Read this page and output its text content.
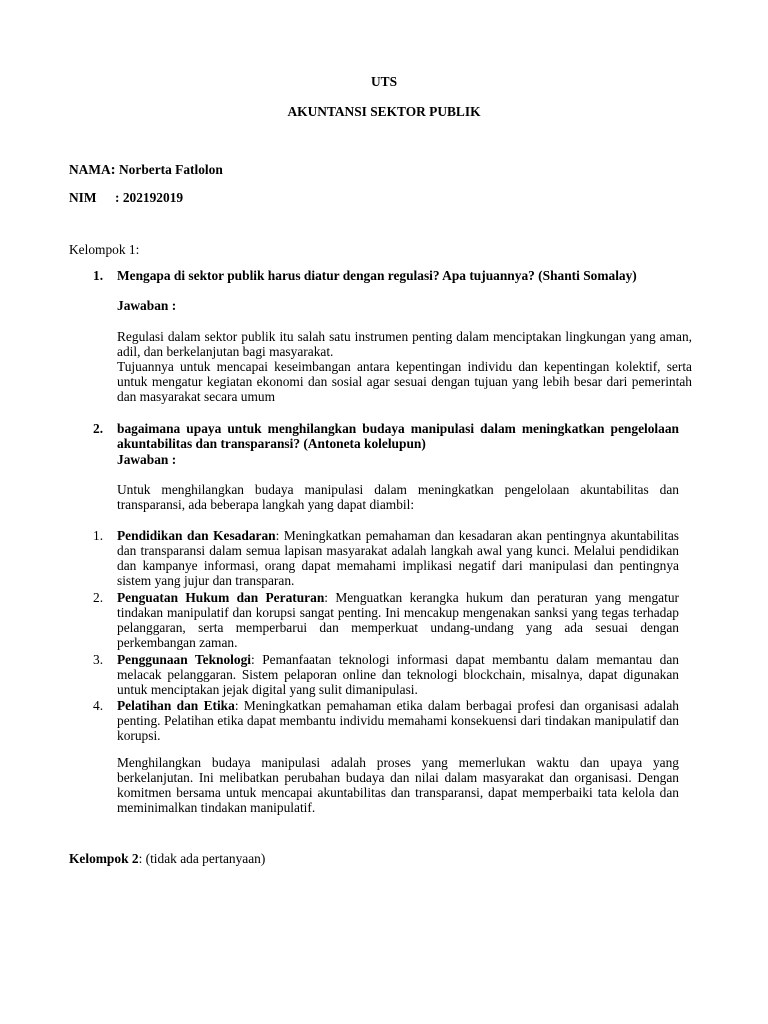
UTS
AKUNTANSI SEKTOR PUBLIK
NAMA: Norberta Fatlolon
NIM : 202192019
Kelompok 1:
1.	Mengapa di sektor publik harus diatur dengan regulasi? Apa tujuannya? (Shanti Somalay)
Jawaban :
Regulasi dalam sektor publik itu salah satu instrumen penting dalam menciptakan lingkungan yang aman, adil, dan berkelanjutan bagi masyarakat.
Tujuannya untuk mencapai keseimbangan antara kepentingan individu dan kepentingan kolektif, serta untuk mengatur kegiatan ekonomi dan sosial agar sesuai dengan tujuan yang lebih besar dari pemerintah dan masyarakat secara umum
2.	bagaimana upaya untuk menghilangkan budaya manipulasi dalam meningkatkan pengelolaan akuntabilitas dan transparansi? (Antoneta kolelupun)
Jawaban :
Untuk menghilangkan budaya manipulasi dalam meningkatkan pengelolaan akuntabilitas dan transparansi, ada beberapa langkah yang dapat diambil:
1.	Pendidikan dan Kesadaran: Meningkatkan pemahaman dan kesadaran akan pentingnya akuntabilitas dan transparansi dalam semua lapisan masyarakat adalah langkah awal yang kunci. Melalui pendidikan dan kampanye informasi, orang dapat memahami implikasi negatif dari manipulasi dan pentingnya sistem yang jujur dan transparan.
2.	Penguatan Hukum dan Peraturan: Menguatkan kerangka hukum dan peraturan yang mengatur tindakan manipulatif dan korupsi sangat penting. Ini mencakup mengenakan sanksi yang tegas terhadap pelanggaran, serta memperbarui dan memperkuat undang-undang yang ada sesuai dengan perkembangan zaman.
3.	Penggunaan Teknologi: Pemanfaatan teknologi informasi dapat membantu dalam memantau dan melacak pelanggaran. Sistem pelaporan online dan teknologi blockchain, misalnya, dapat digunakan untuk menciptakan jejak digital yang sulit dimanipulasi.
4.	Pelatihan dan Etika: Meningkatkan pemahaman etika dalam berbagai profesi dan organisasi adalah penting. Pelatihan etika dapat membantu individu memahami konsekuensi dari tindakan manipulatif dan korupsi.
Menghilangkan budaya manipulasi adalah proses yang memerlukan waktu dan upaya yang berkelanjutan. Ini melibatkan perubahan budaya dan nilai dalam masyarakat dan organisasi. Dengan komitmen bersama untuk mencapai akuntabilitas dan transparansi, dapat memperbaiki tata kelola dan meminimalkan tindakan manipulatif.
Kelompok 2: (tidak ada pertanyaan)
